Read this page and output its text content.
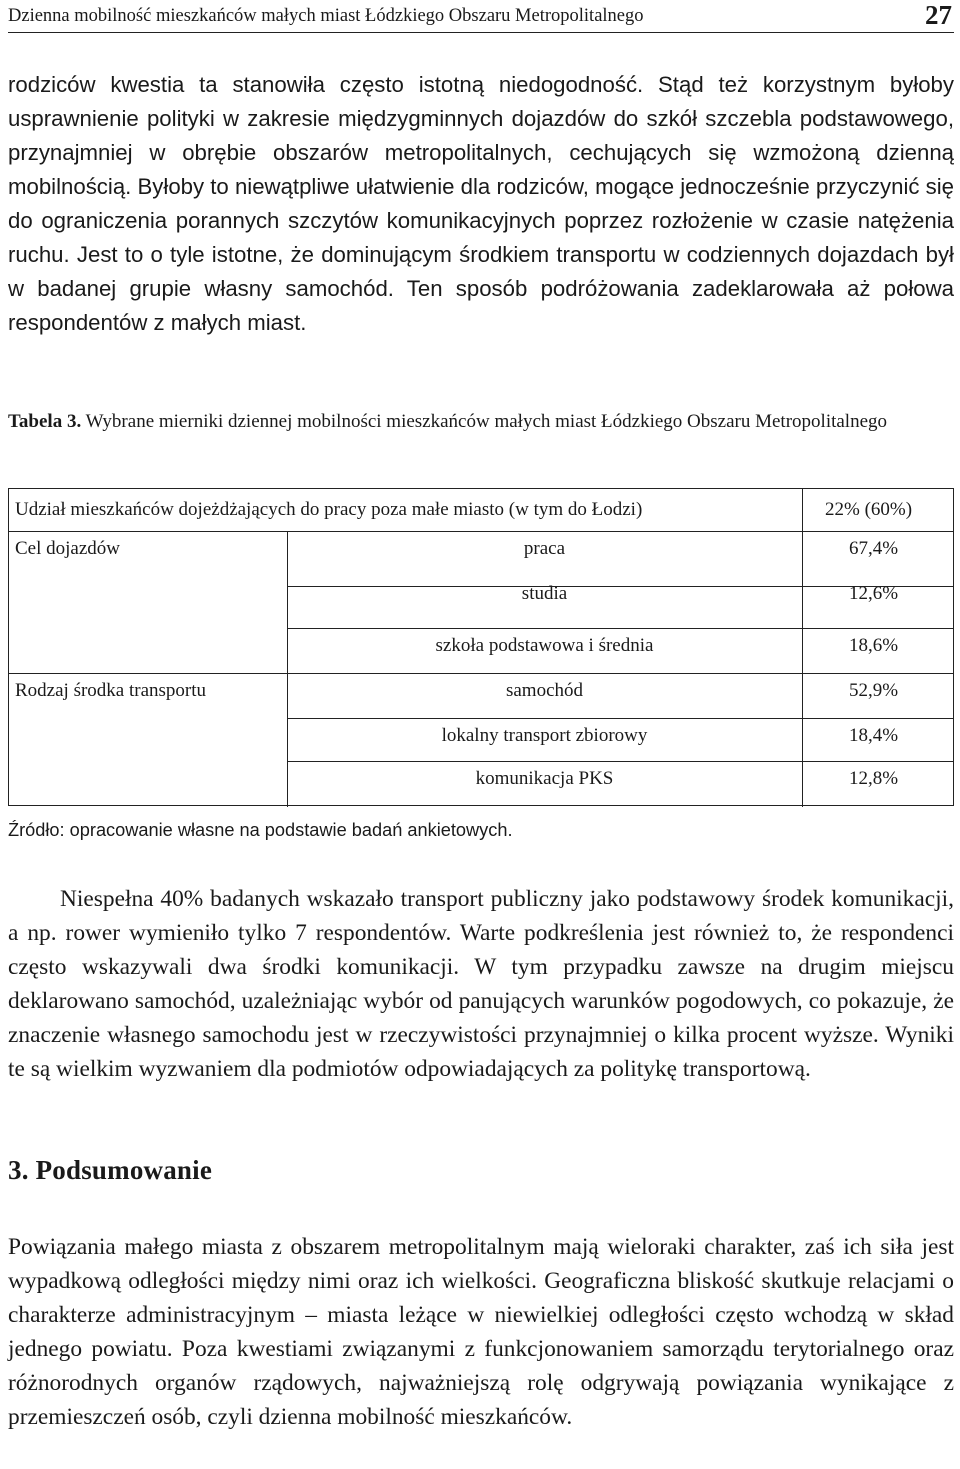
Dzienna mobilność mieszkańców małych miast Łódzkiego Obszaru Metropolitalnego	27

rodziców kwestia ta stanowiła często istotną niedogodność. Stąd też korzystnym byłoby usprawnienie polityki w zakresie międzygminnych dojazdów do szkół szczebla podstawowego, przynajmniej w obrębie obszarów metropolitalnych, cechujących się wzmożoną dzienną mobilnością. Byłoby to niewątpliwe ułatwienie dla rodziców, mogące jednocześnie przyczynić się do ograniczenia porannych szczytów komunikacyjnych poprzez rozłożenie w czasie natężenia ruchu. Jest to o tyle istotne, że dominującym środkiem transportu w codziennych dojazdach był w badanej grupie własny samochód. Ten sposób podróżowania zadeklarowała aż połowa respondentów z małych miast.

Tabela 3. Wybrane mierniki dziennej mobilności mieszkańców małych miast Łódzkiego Obszaru Metropolitalnego
Udział mieszkańców dojeżdżających do pracy poza małe miasto (w tym do Łodzi)	22% (60%)
Cel dojazdów	praca	67,4%
studia	12,6%
szkoła podstawowa i średnia	18,6%
Rodzaj środka transportu	samochód	52,9%
lokalny transport zbiorowy	18,4%
komunikacja PKS	12,8%
Źródło: opracowanie własne na podstawie badań ankietowych.

Niespełna 40% badanych wskazało transport publiczny jako podstawowy środek komunikacji, a np. rower wymieniło tylko 7 respondentów. Warte podkreślenia jest również to, że respondenci często wskazywali dwa środki komunikacji. W tym przypadku zawsze na drugim miejscu deklarowano samochód, uzależniając wybór od panujących warunków pogodowych, co pokazuje, że znaczenie własnego samochodu jest w rzeczywistości przynajmniej o kilka procent wyższe. Wyniki te są wielkim wyzwaniem dla podmiotów odpowiadających za politykę transportową.

3. Podsumowanie

Powiązania małego miasta z obszarem metropolitalnym mają wieloraki charakter, zaś ich siła jest wypadkową odległości między nimi oraz ich wielkości. Geograficzna bliskość skutkuje relacjami o charakterze administracyjnym – miasta leżące w niewielkiej odległości często wchodzą w skład jednego powiatu. Poza kwestiami związanymi z funkcjonowaniem samorządu terytorialnego oraz różnorodnych organów rządowych, najważniejszą rolę odgrywają powiązania wynikające z przemieszczeń osób, czyli dzienna mobilność mieszkańców.
